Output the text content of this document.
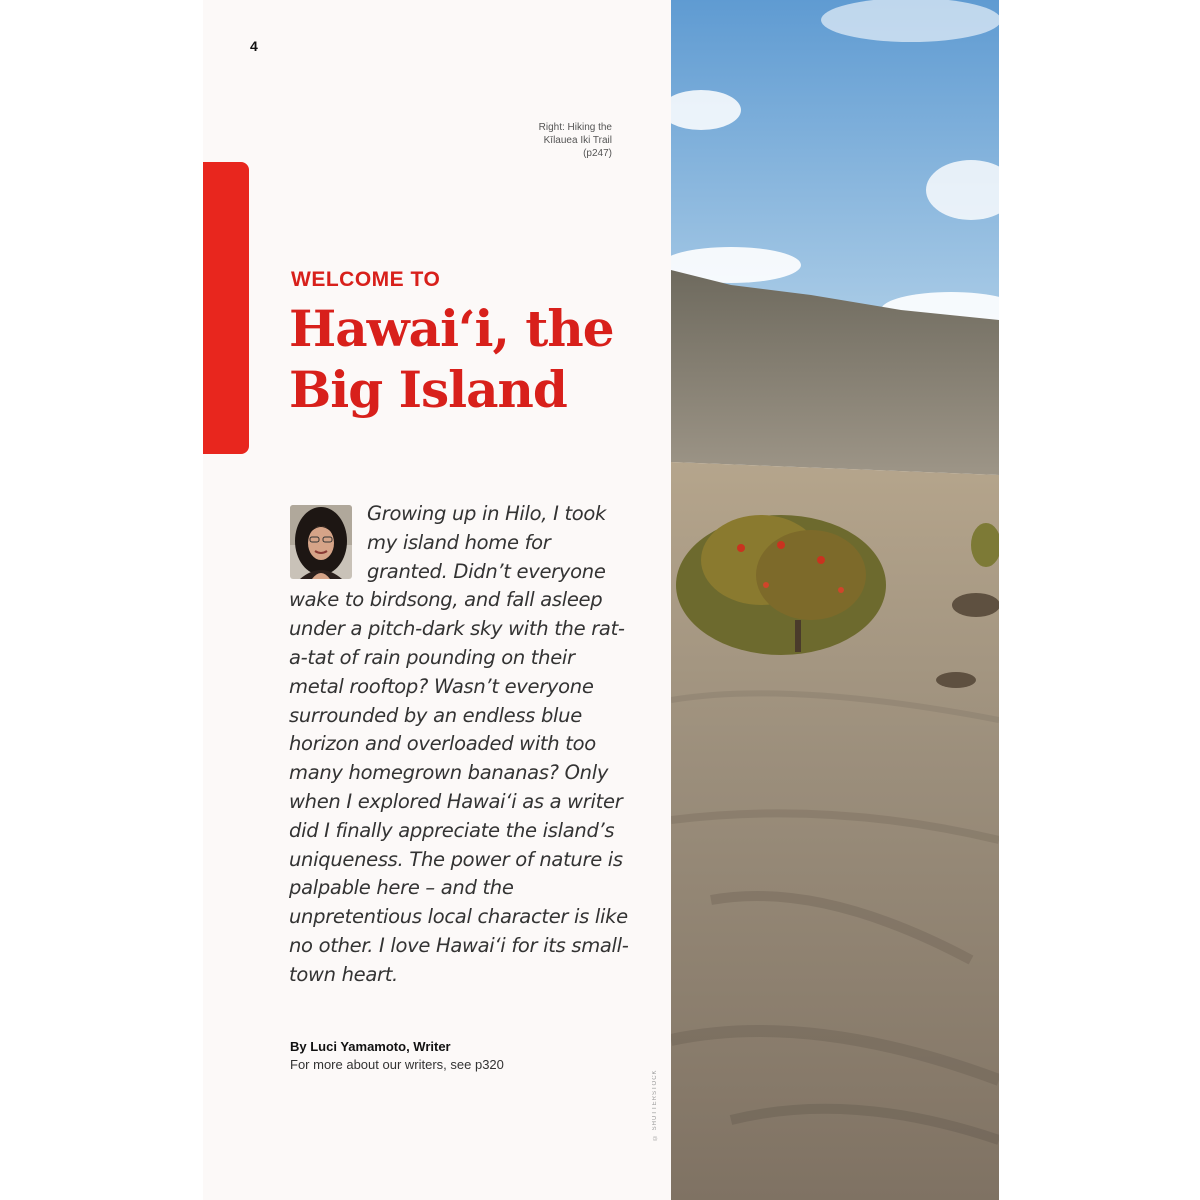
4
Right: Hiking the
Kīlauea Iki Trail
(p247)
WELCOME TO
Hawai‘i, the Big Island

Growing up in Hilo, I took my island home for granted. Didn’t everyone wake to birdsong, and fall asleep under a pitch-dark sky with the rat-a-tat of rain pounding on their metal rooftop? Wasn’t everyone surrounded by an endless blue horizon and overloaded with too many homegrown bananas? Only when I explored Hawai‘i as a writer did I finally appreciate the island’s uniqueness. The power of nature is palpable here – and the unpretentious local character is like no other. I love Hawai‘i for its small-town heart.

By Luci Yamamoto, Writer
For more about our writers, see p320
© SHUTTERSTOCK
